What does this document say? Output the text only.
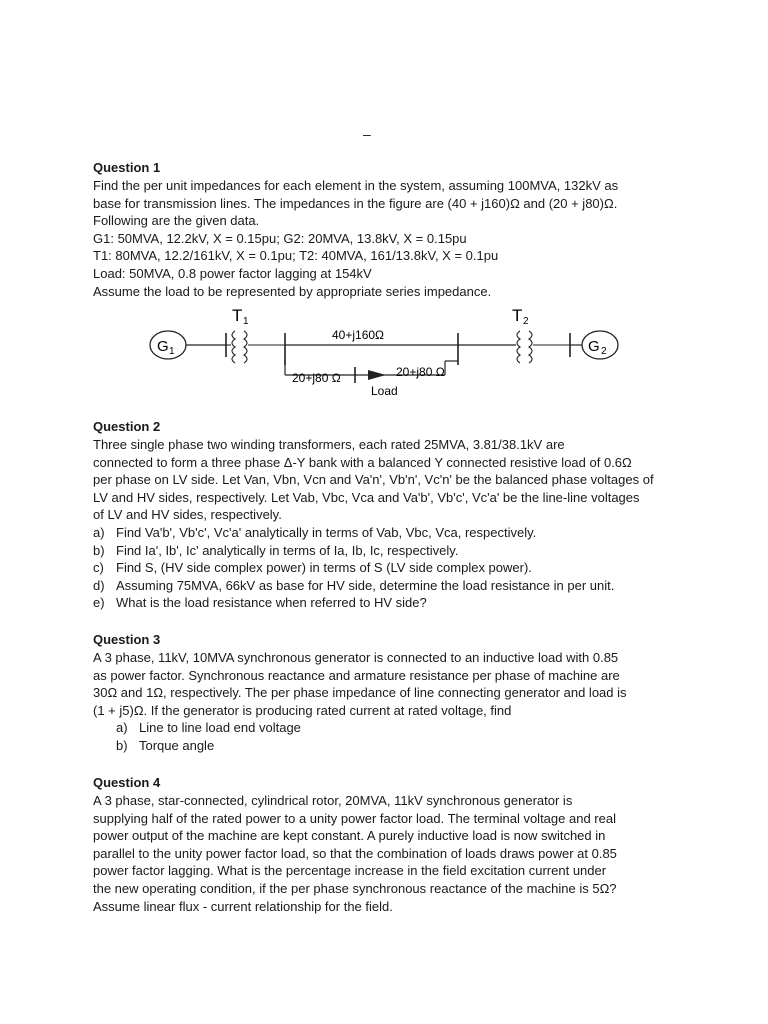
–

Question 1

Find the per unit impedances for each element in the system, assuming 100MVA, 132kV as

base for transmission lines. The impedances in the figure are (40 + j160)Ω and (20 + j80)Ω.

Following are the given data.

G1: 50MVA, 12.2kV, X = 0.15pu; G2: 20MVA, 13.8kV, X = 0.15pu

T1: 80MVA, 12.2/161kV, X = 0.1pu; T2: 40MVA, 161/13.8kV, X = 0.1pu

Load: 50MVA, 0.8 power factor lagging at 154kV

Assume the load to be represented by appropriate series impedance.

G 1
T 1
40+j160Ω
20+j80 Ω	20+j80 Ω
Load
T 2
G 2

Question 2

Three single phase two winding transformers, each rated 25MVA, 3.81/38.1kV are

connected to form a three phase Δ-Y bank with a balanced Y connected resistive load of 0.6Ω

per phase on LV side. Let Van, Vbn, Vcn and Va'n', Vb'n', Vc'n' be the balanced phase voltages of

LV and HV sides, respectively. Let Vab, Vbc, Vca and Va'b', Vb'c', Vc'a' be the line-line voltages

of LV and HV sides, respectively.

a) Find Va'b', Vb'c', Vc'a' analytically in terms of Vab, Vbc, Vca, respectively.
b) Find Ia', Ib', Ic' analytically in terms of Ia, Ib, Ic, respectively.
c) Find S, (HV side complex power) in terms of S (LV side complex power).
d) Assuming 75MVA, 66kV as base for HV side, determine the load resistance in per unit.
e) What is the load resistance when referred to HV side?

Question 3

A 3 phase, 11kV, 10MVA synchronous generator is connected to an inductive load with 0.85

as power factor. Synchronous reactance and armature resistance per phase of machine are

30Ω and 1Ω, respectively. The per phase impedance of line connecting generator and load is

(1 + j5)Ω. If the generator is producing rated current at rated voltage, find

a) Line to line load end voltage
b) Torque angle

Question 4

A 3 phase, star-connected, cylindrical rotor, 20MVA, 11kV synchronous generator is

supplying half of the rated power to a unity power factor load. The terminal voltage and real

power output of the machine are kept constant. A purely inductive load is now switched in

parallel to the unity power factor load, so that the combination of loads draws power at 0.85

power factor lagging. What is the percentage increase in the field excitation current under

the new operating condition, if the per phase synchronous reactance of the machine is 5Ω?

Assume linear flux - current relationship for the field.
